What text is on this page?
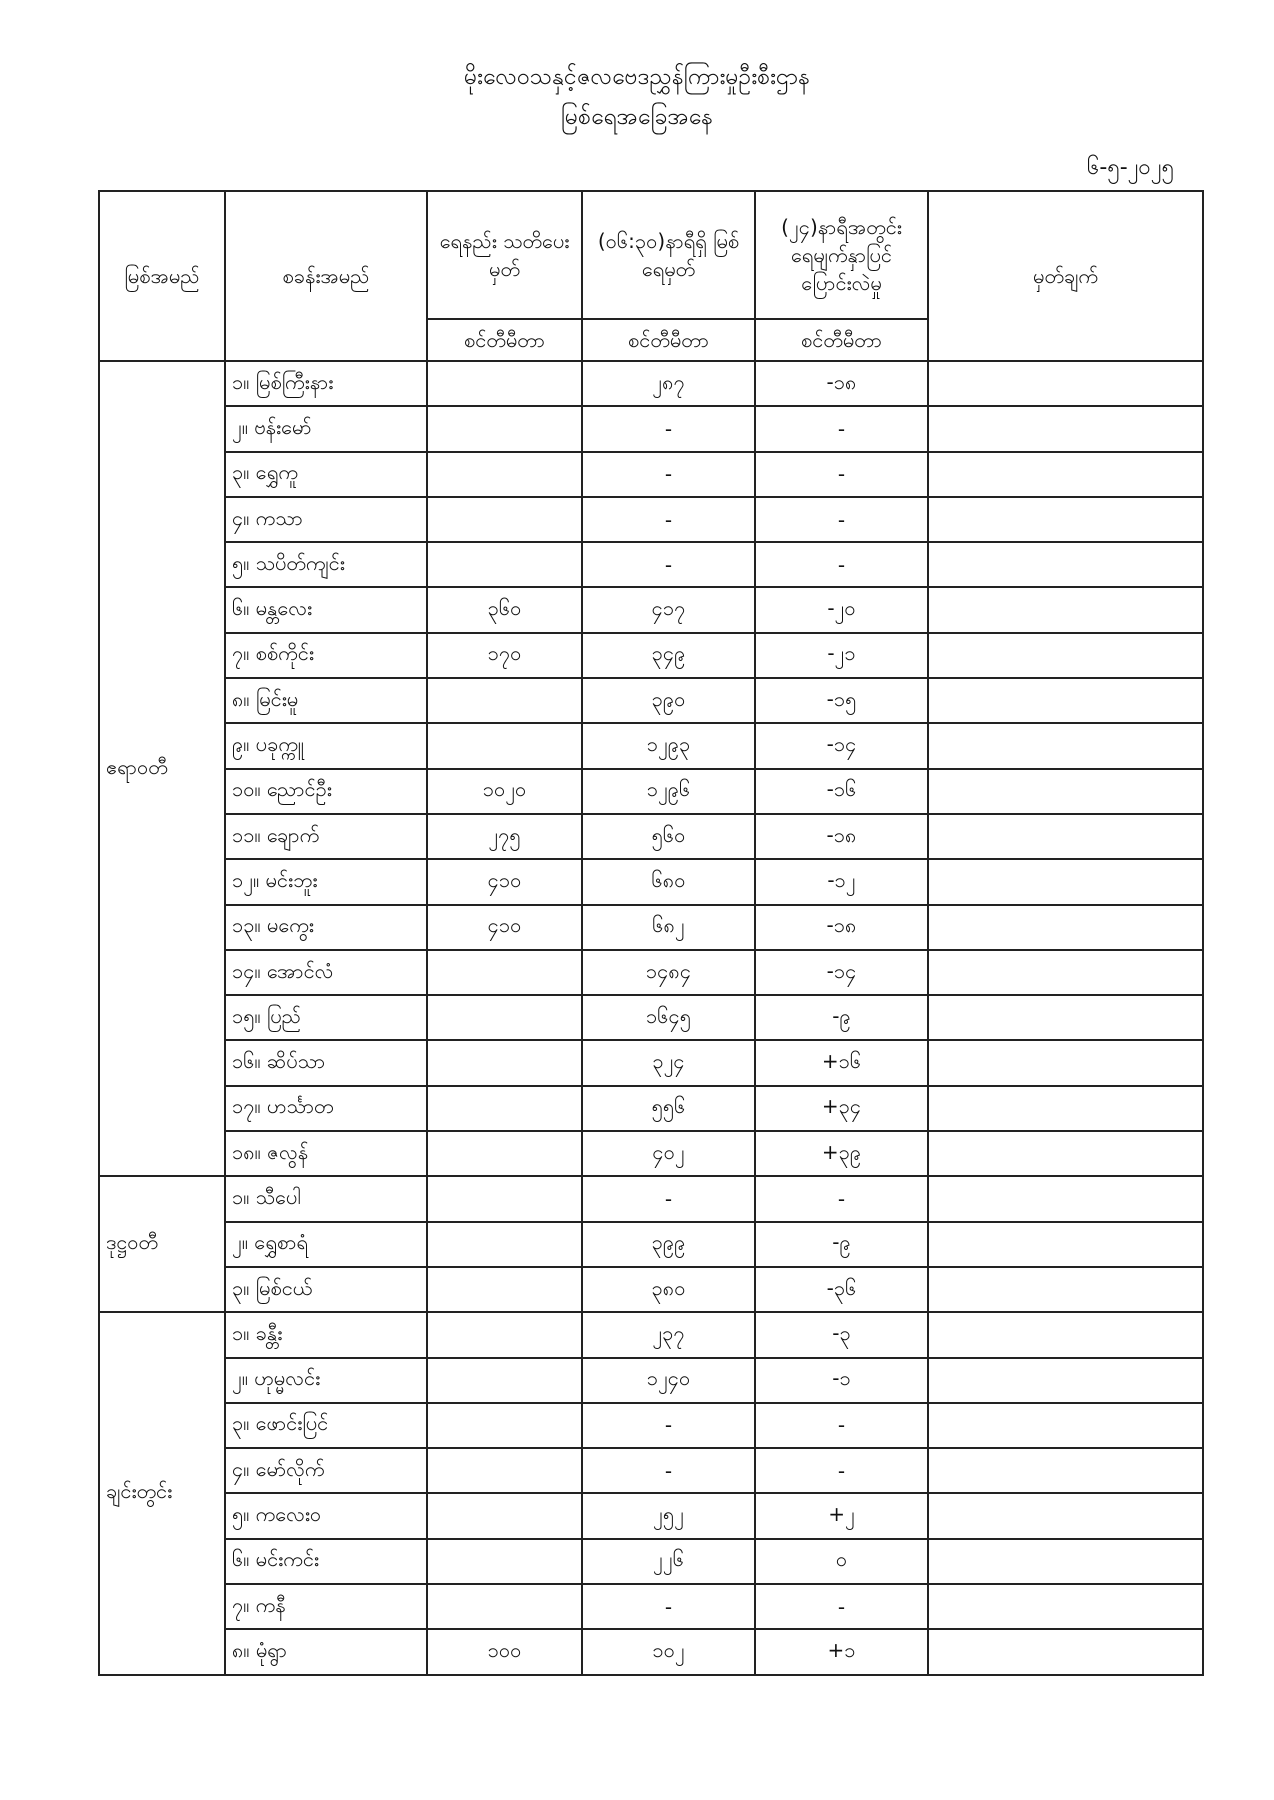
မိုးလေဝသနှင့်ဇလဗေဒညွှန်ကြားမှုဦးစီးဌာန
မြစ်ရေအခြေအနေ
၆-၅-၂၀၂၅
မြစ်အမည်	စခန်းအမည်	ရေနည်း သတိပေးမှတ်	(၀၆:၃၀)နာရီရှိ မြစ်ရေမှတ်	(၂၄)နာရီအတွင်း ရေမျက်နှာပြင် ပြောင်းလဲမှု	မှတ်ချက်
		စင်တီမီတာ	စင်တီမီတာ	စင်တီမီတာ	
ဧရာဝတီ	၁။ မြစ်ကြီးနား		၂၈၇	-၁၈	
	၂။ ဗန်းမော်		-	-	
	၃။ ရွှေကူ		-	-	
	၄။ ကသာ		-	-	
	၅။ သပိတ်ကျင်း		-	-	
	၆။ မန္တလေး	၃၆၀	၄၁၇	-၂၀	
	၇။ စစ်ကိုင်း	၁၇၀	၃၄၉	-၂၁	
	၈။ မြင်းမူ		၃၉၀	-၁၅	
	၉။ ပခုက္ကူ		၁၂၉၃	-၁၄	
	၁၀။ ညောင်ဦး	၁၀၂၀	၁၂၉၆	-၁၆	
	၁၁။ ချောက်	၂၇၅	၅၆၀	-၁၈	
	၁၂။ မင်းဘူး	၄၁၀	၆၈၀	-၁၂	
	၁၃။ မကွေး	၄၁၀	၆၈၂	-၁၈	
	၁၄။ အောင်လံ		၁၄၈၄	-၁၄	
	၁၅။ ပြည်		၁၆၄၅	-၉	
	၁၆။ ဆိပ်သာ		၃၂၄	+၁၆	
	၁၇။ ဟင်္သာတ		၅၅၆	+၃၄	
	၁၈။ ဇလွန်		၄၀၂	+၃၉	
ဒုဋ္ဌဝတီ	၁။ သီပေါ		-	-	
	၂။ ရွှေစာရံ		၃၉၉	-၉	
	၃။ မြစ်ငယ်		၃၈၀	-၃၆	
ချင်းတွင်း	၁။ ခန္တီး		၂၃၇	-၃	
	၂။ ဟုမ္မလင်း		၁၂၄၀	-၁	
	၃။ ဖောင်းပြင်		-	-	
	၄။ မော်လိုက်		-	-	
	၅။ ကလေးဝ		၂၅၂	+၂	
	၆။ မင်းကင်း		၂၂၆	၀	
	၇။ ကနီ		-	-	
	၈။ မုံရွာ	၁၀၀	၁၀၂	+၁	
